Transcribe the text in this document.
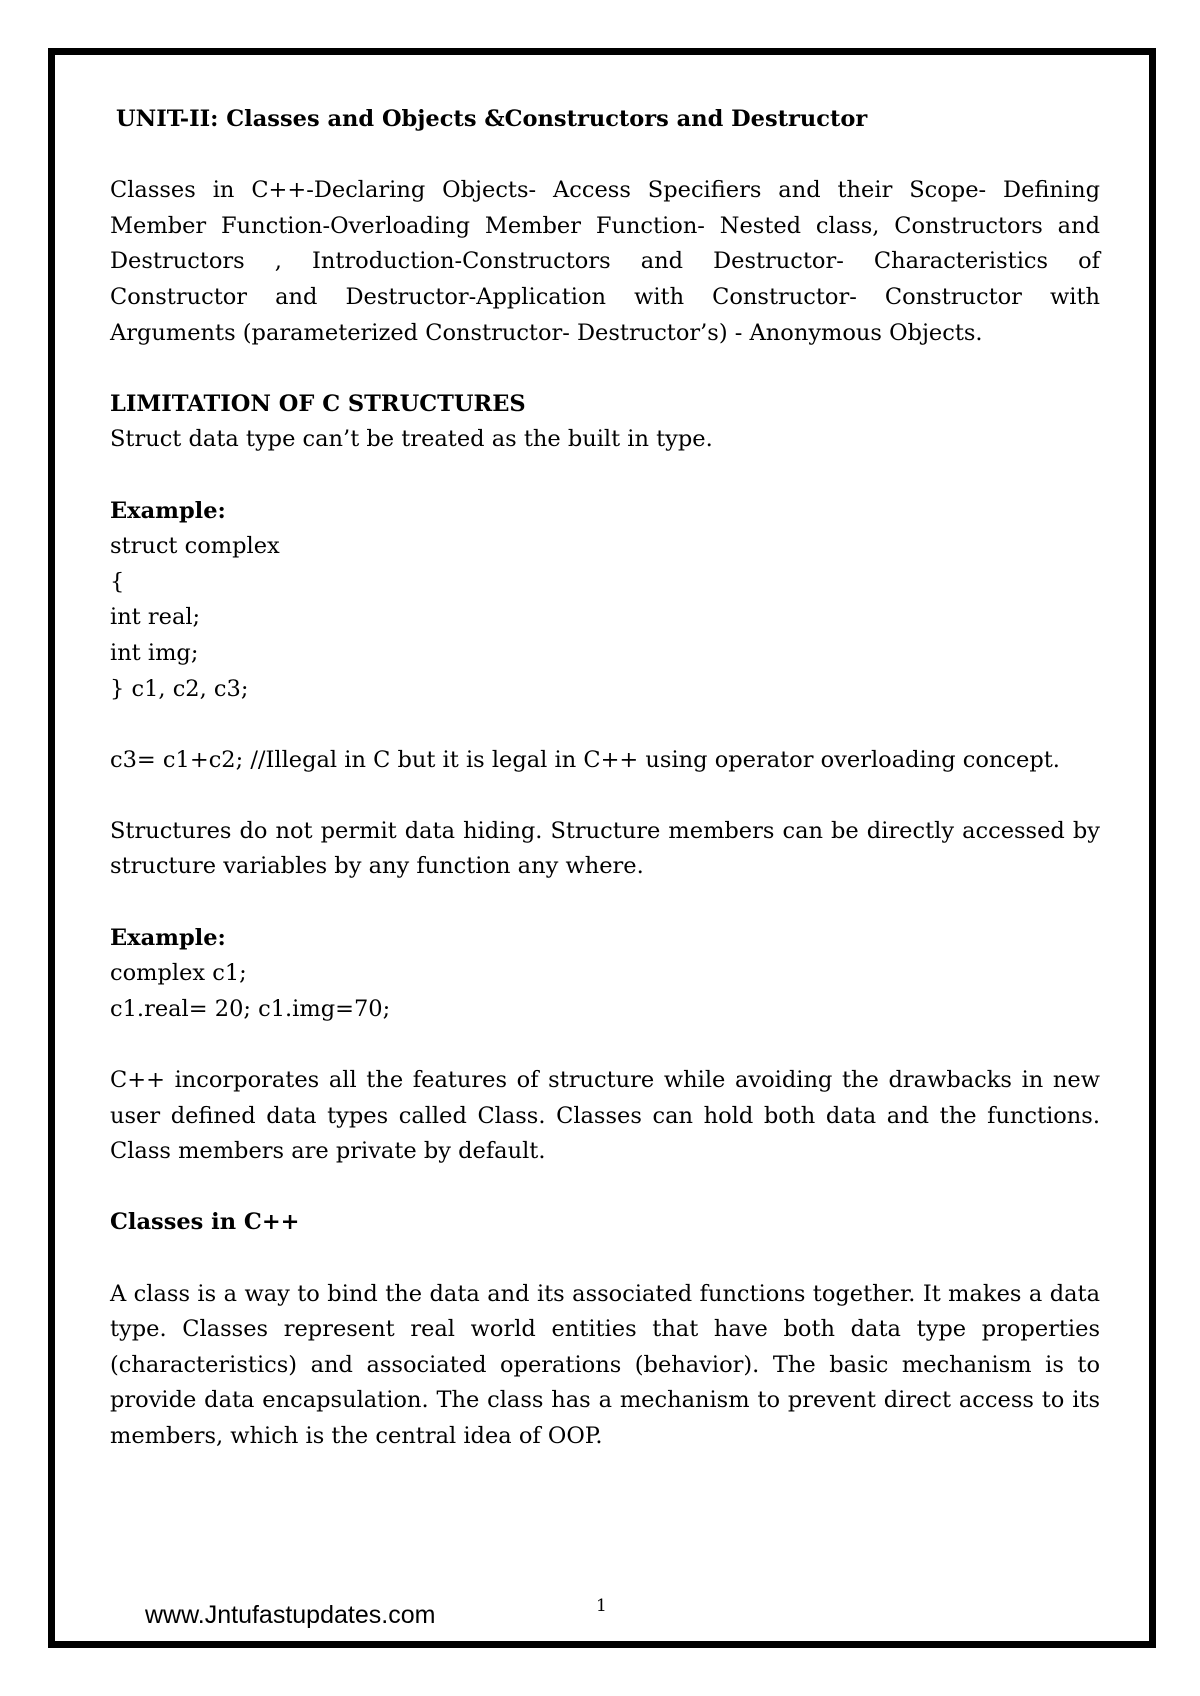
UNIT-II: Classes and Objects &Constructors and Destructor

Classes in C++-Declaring Objects- Access Specifiers and their Scope- Defining Member Function-Overloading Member Function- Nested class, Constructors and Destructors , Introduction-Constructors and Destructor- Characteristics of Constructor and Destructor-Application with Constructor- Constructor with Arguments (parameterized Constructor- Destructor’s) - Anonymous Objects.

LIMITATION OF C STRUCTURES

Struct data type can’t be treated as the built in type.

Example:

struct complex

{

int real;

int img;

} c1, c2, c3;

c3= c1+c2; //Illegal in C but it is legal in C++ using operator overloading concept.

Structures do not permit data hiding. Structure members can be directly accessed by structure variables by any function any where.

Example:

complex c1;

c1.real= 20; c1.img=70;

C++ incorporates all the features of structure while avoiding the drawbacks in new user defined data types called Class. Classes can hold both data and the functions. Class members are private by default.

Classes in C++

A class is a way to bind the data and its associated functions together. It makes a data type. Classes represent real world entities that have both data type properties (characteristics) and associated operations (behavior). The basic mechanism is to provide data encapsulation. The class has a mechanism to prevent direct access to its members, which is the central idea of OOP.

www.Jntufastupdates.com	1
